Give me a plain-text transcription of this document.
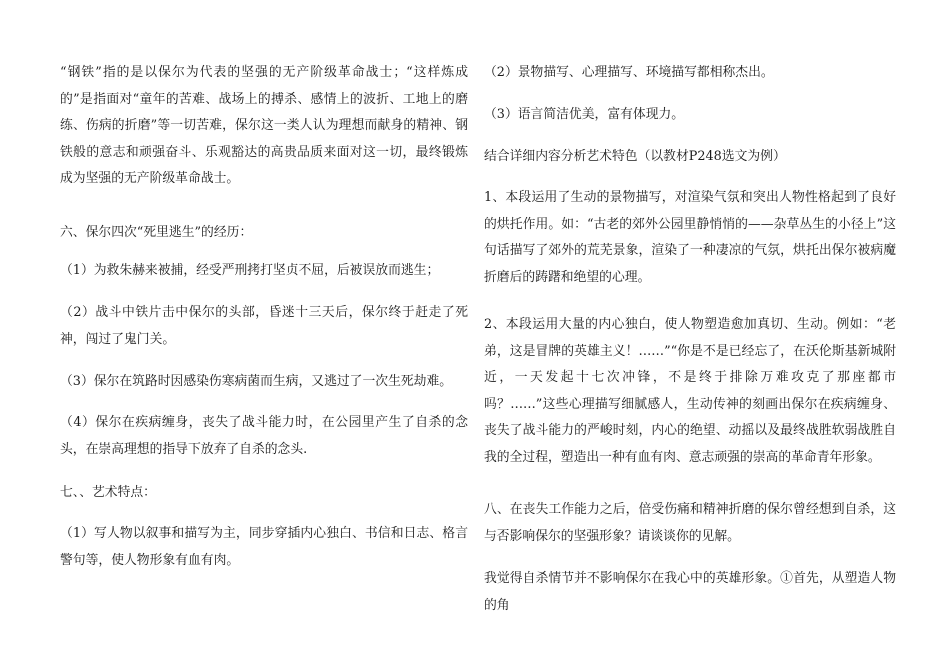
“钢铁”指的是以保尔为代表的坚强的无产阶级革命战士；“这样炼成的”是指面对“童年的苦难、战场上的搏杀、感情上的波折、工地上的磨练、伤病的折磨”等一切苦难，保尔这一类人认为理想而献身的精神、钢铁般的意志和顽强奋斗、乐观豁达的高贵品质来面对这一切，最终锻炼成为坚强的无产阶级革命战士。

六、保尔四次“死里逃生”的经历：

（1）为救朱赫来被捕，经受严刑拷打坚贞不屈，后被误放而逃生；

（2）战斗中铁片击中保尔的头部，昏迷十三天后，保尔终于赶走了死神，闯过了鬼门关。

（3）保尔在筑路时因感染伤寒病菌而生病，又逃过了一次生死劫难。

（4）保尔在疾病缠身，丧失了战斗能力时，在公园里产生了自杀的念头，在崇高理想的指导下放弃了自杀的念头.

七、、艺术特点：

（1）写人物以叙事和描写为主，同步穿插内心独白、书信和日志、格言警句等，使人物形象有血有肉。

（2）景物描写、心理描写、环境描写都相称杰出。

（3）语言简洁优美，富有体现力。

结合详细内容分析艺术特色（以教材P248选文为例）

1、本段运用了生动的景物描写，对渲染气氛和突出人物性格起到了良好的烘托作用。如：“古老的郊外公园里静悄悄的——杂草丛生的小径上”这句话描写了郊外的荒芜景象，渲染了一种凄凉的气氛，烘托出保尔被病魔折磨后的踌躇和绝望的心理。

2、本段运用大量的内心独白，使人物塑造愈加真切、生动。例如：“老弟，这是冒牌的英雄主义！……”“你是不是已经忘了，在沃伦斯基新城附近，一天发起十七次冲锋，不是终于排除万难攻克了那座都市吗？……”这些心理描写细腻感人，生动传神的刻画出保尔在疾病缠身、丧失了战斗能力的严峻时刻，内心的绝望、动摇以及最终战胜软弱战胜自我的全过程，塑造出一种有血有肉、意志顽强的崇高的革命青年形象。

八、在丧失工作能力之后，倍受伤痛和精神折磨的保尔曾经想到自杀，这与否影响保尔的坚强形象？请谈谈你的见解。

我觉得自杀情节并不影响保尔在我心中的英雄形象。①首先，从塑造人物的角
